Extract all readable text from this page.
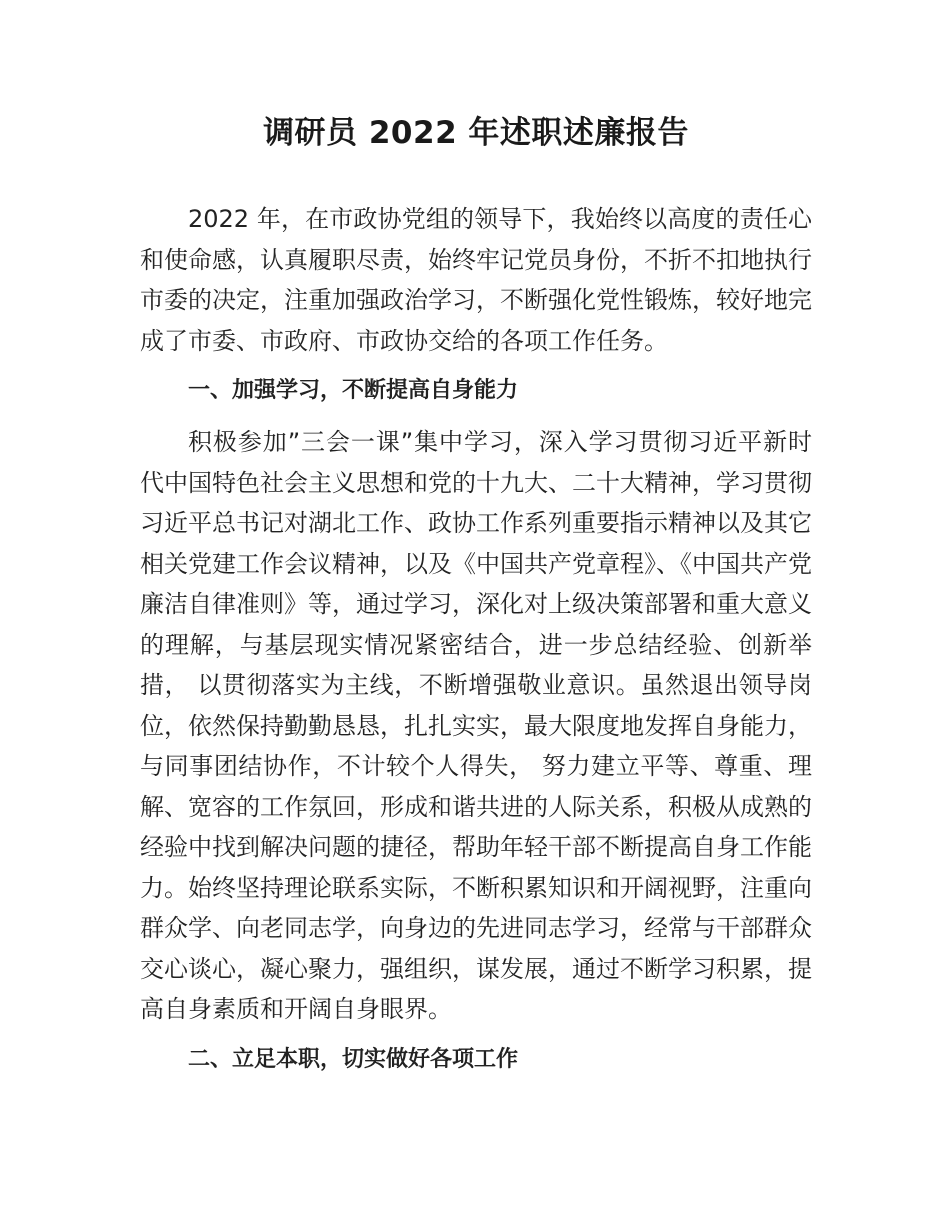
调研员 2022 年述职述廉报告

2022 年，在市政协党组的领导下，我始终以高度的责任心和使命感，认真履职尽责，始终牢记党员身份，不折不扣地执行市委的决定，注重加强政治学习，不断强化党性锻炼，较好地完成了市委、市政府、市政协交给的各项工作任务。

一、加强学习，不断提高自身能力

积极参加”三会一课”集中学习，深入学习贯彻习近平新时代中国特色社会主义思想和党的十九大、二十大精神，学习贯彻习近平总书记对湖北工作、政协工作系列重要指示精神以及其它相关党建工作会议精神，以及《中国共产党章程》、《中国共产党廉洁自律准则》等，通过学习，深化对上级决策部署和重大意义的理解，与基层现实情况紧密结合，进一步总结经验、创新举措， 以贯彻落实为主线，不断增强敬业意识。虽然退出领导岗位，依然保持勤勤恳恳，扎扎实实，最大限度地发挥自身能力，与同事团结协作，不计较个人得失， 努力建立平等、尊重、理解、宽容的工作氛回，形成和谐共进的人际关系，积极从成熟的经验中找到解决问题的捷径，帮助年轻干部不断提高自身工作能力。始终坚持理论联系实际，不断积累知识和开阔视野，注重向群众学、向老同志学，向身边的先进同志学习，经常与干部群众交心谈心，凝心聚力，强组织，谋发展，通过不断学习积累，提高自身素质和开阔自身眼界。

二、立足本职，切实做好各项工作
